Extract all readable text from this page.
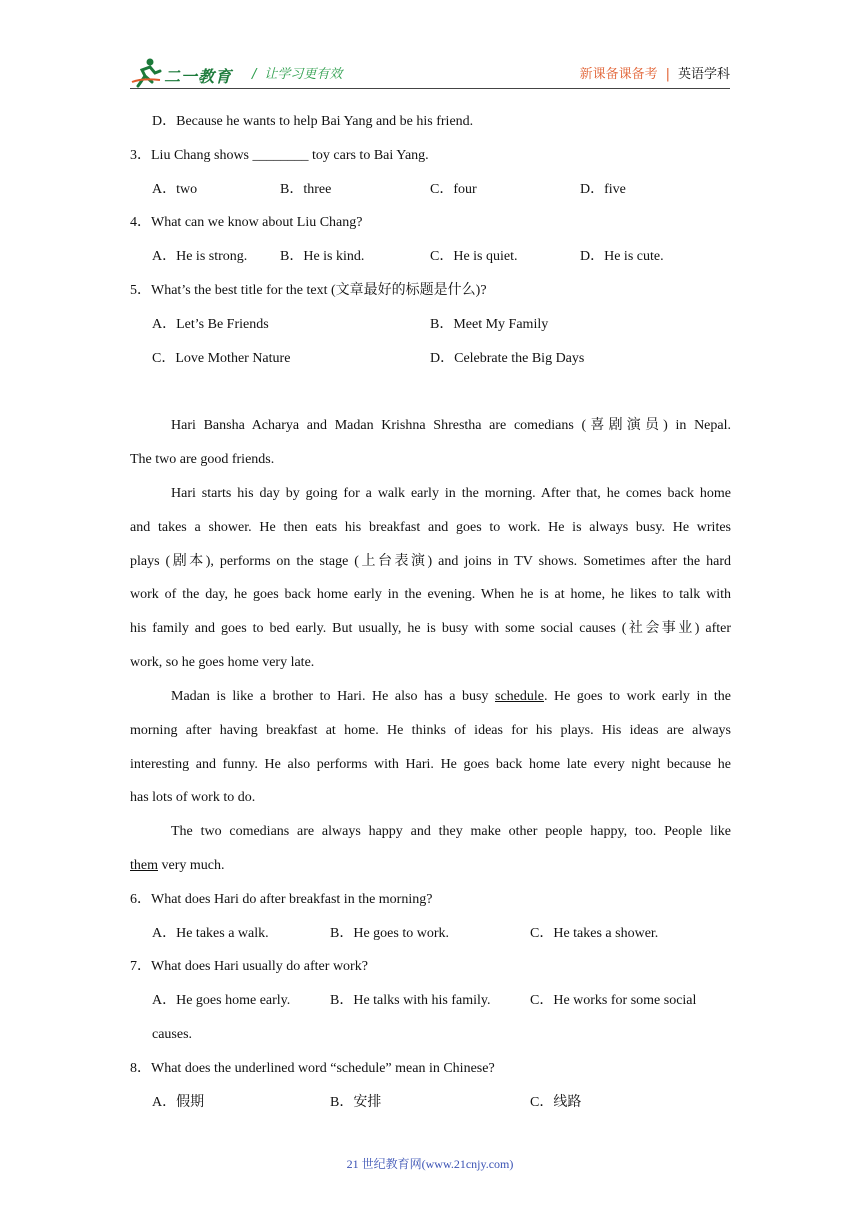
二一教育 / 让学习更有效	新课备课备考 | 英语学科
D．Because he wants to help Bai Yang and be his friend.
3．Liu Chang shows ________ toy cars to Bai Yang.
A．two	B．three	C．four	D．five
4．What can we know about Liu Chang?
A．He is strong. B．He is kind.	C．He is quiet.	D．He is cute.
5．What’s the best title for the text (文章最好的标题是什么)?
A．Let’s Be Friends	B．Meet My Family
C．Love Mother Nature	D．Celebrate the Big Days
Hari Bansha Acharya and Madan Krishna Shrestha are comedians (喜剧演员) in Nepal.
The two are good friends.
Hari starts his day by going for a walk early in the morning. After that, he comes back home
and takes a shower. He then eats his breakfast and goes to work. He is always busy. He writes
plays (剧本), performs on the stage (上台表演) and joins in TV shows. Sometimes after the hard
work of the day, he goes back home early in the evening. When he is at home, he likes to talk with
his family and goes to bed early. But usually, he is busy with some social causes (社会事业) after
work, so he goes home very late.
Madan is like a brother to Hari. He also has a busy schedule. He goes to work early in the
morning after having breakfast at home. He thinks of ideas for his plays. His ideas are always
interesting and funny. He also performs with Hari. He goes back home late every night because he
has lots of work to do.
The two comedians are always happy and they make other people happy, too. People like
them very much.
6．What does Hari do after breakfast in the morning?
A．He takes a walk.	B．He goes to work.	C．He takes a shower.
7．What does Hari usually do after work?
A．He goes home early.	B．He talks with his family.	C．He works for some social
causes.
8．What does the underlined word “schedule” mean in Chinese?
A．假期	B．安排	C．线路
21 世纪教育网(www.21cnjy.com)
